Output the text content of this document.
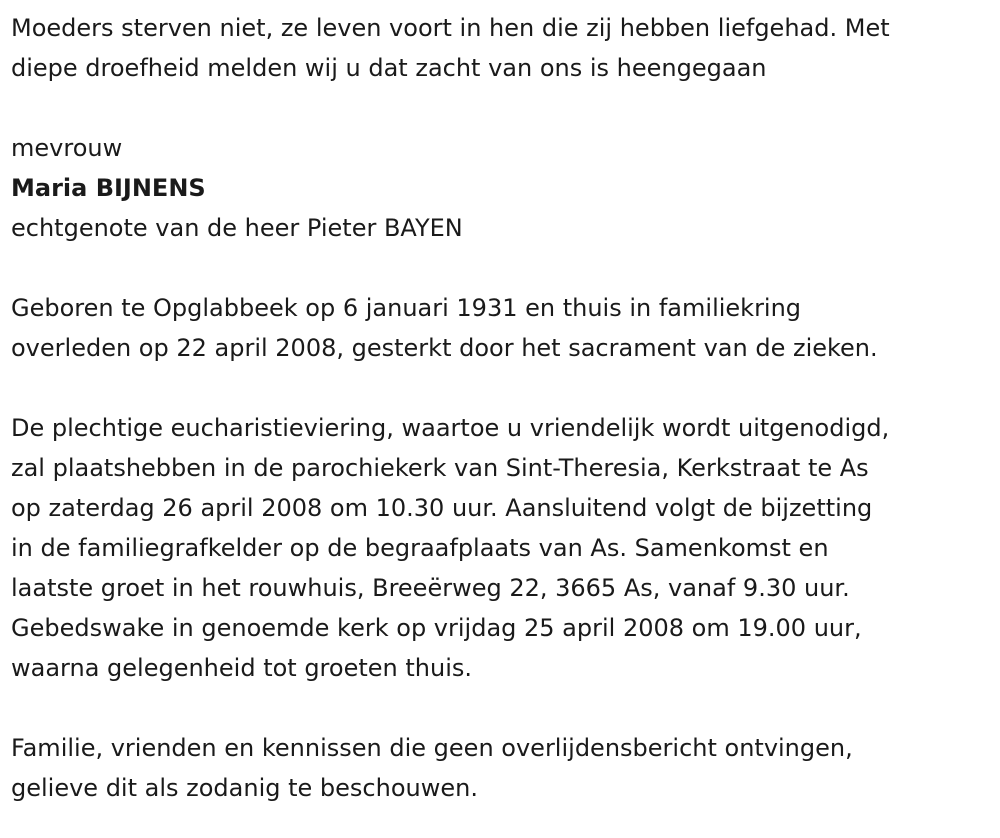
Moeders sterven niet, ze leven voort in hen die zij hebben liefgehad. Met
diepe droefheid melden wij u dat zacht van ons is heengegaan

mevrouw
Maria BIJNENS
echtgenote van de heer Pieter BAYEN

Geboren te Opglabbeek op 6 januari 1931 en thuis in familiekring
overleden op 22 april 2008, gesterkt door het sacrament van de zieken.

De plechtige eucharistieviering, waartoe u vriendelijk wordt uitgenodigd,
zal plaatshebben in de parochiekerk van Sint-Theresia, Kerkstraat te As
op zaterdag 26 april 2008 om 10.30 uur. Aansluitend volgt de bijzetting
in de familiegrafkelder op de begraafplaats van As. Samenkomst en
laatste groet in het rouwhuis, Breeërweg 22, 3665 As, vanaf 9.30 uur.
Gebedswake in genoemde kerk op vrijdag 25 april 2008 om 19.00 uur,
waarna gelegenheid tot groeten thuis.

Familie, vrienden en kennissen die geen overlijdensbericht ontvingen,
gelieve dit als zodanig te beschouwen.
